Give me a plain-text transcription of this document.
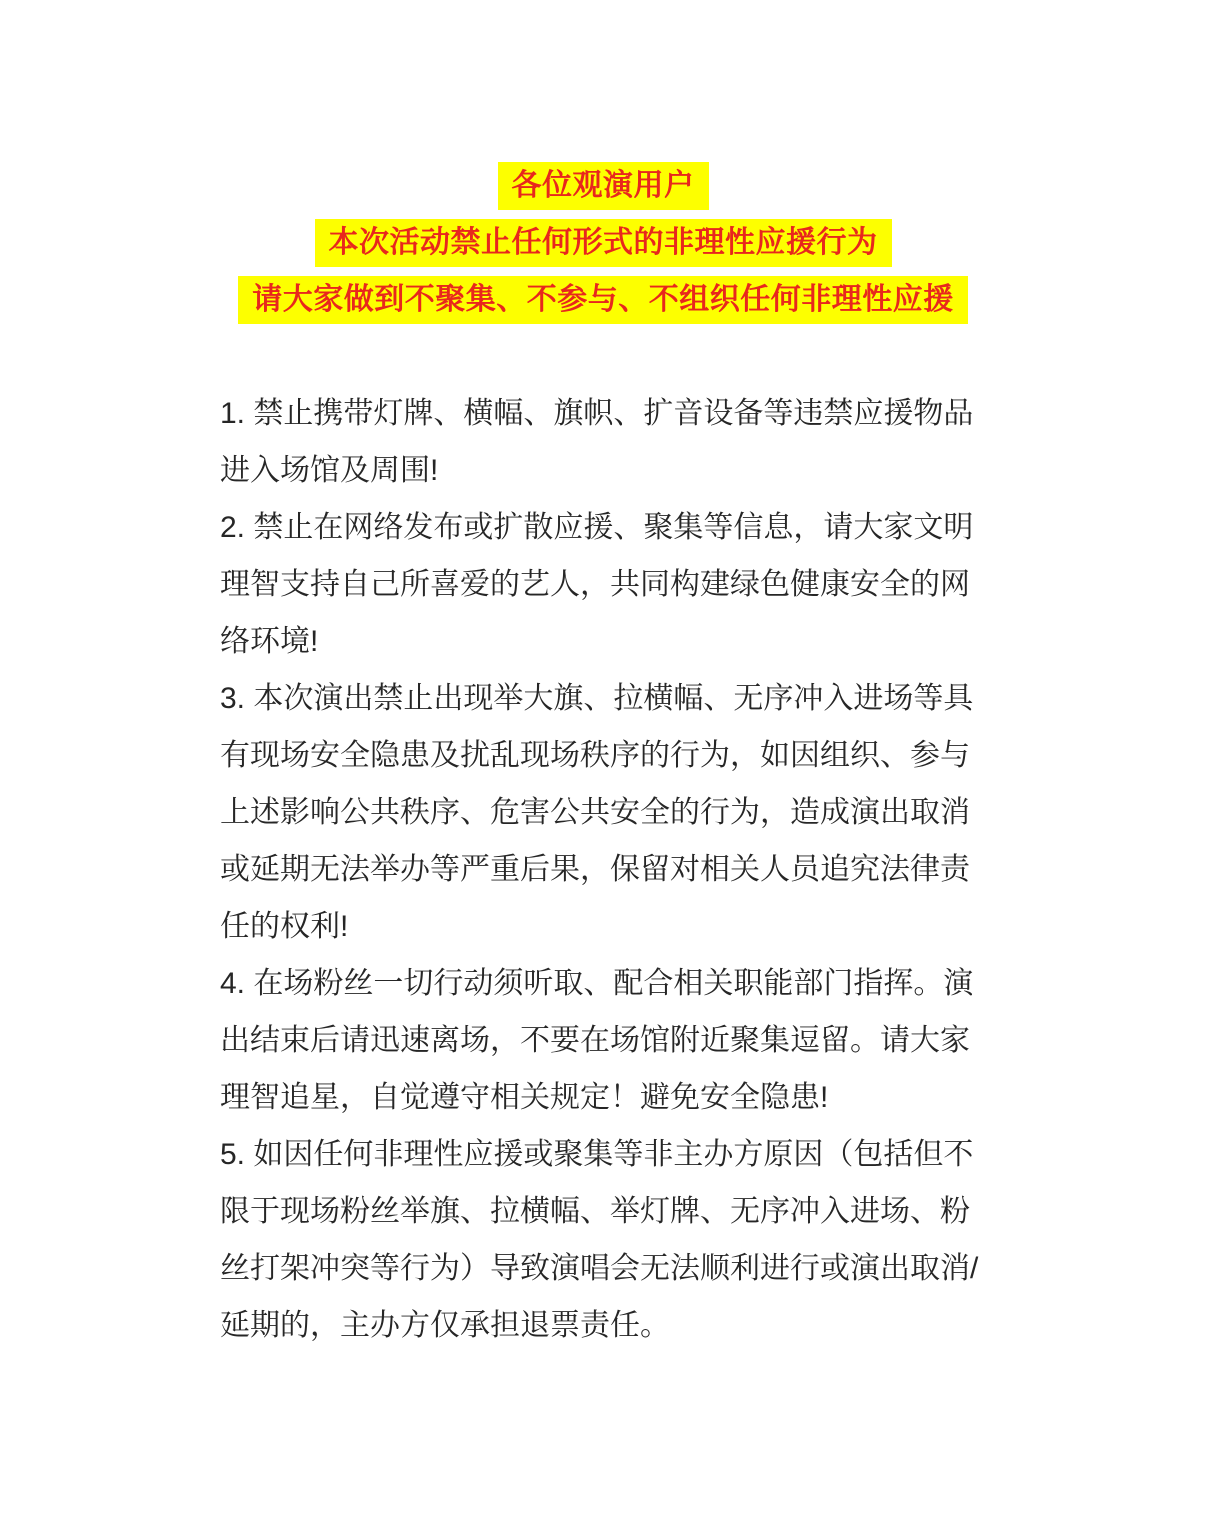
各位观演用户
本次活动禁止任何形式的非理性应援行为
请大家做到不聚集、不参与、不组织任何非理性应援
1. 禁止携带灯牌、横幅、旗帜、扩音设备等违禁应援物品
进入场馆及周围!
2. 禁止在网络发布或扩散应援、聚集等信息，请大家文明
理智支持自己所喜爱的艺人，共同构建绿色健康安全的网
络环境!
3. 本次演出禁止出现举大旗、拉横幅、无序冲入进场等具
有现场安全隐患及扰乱现场秩序的行为，如因组织、参与
上述影响公共秩序、危害公共安全的行为，造成演出取消
或延期无法举办等严重后果，保留对相关人员追究法律责
任的权利!
4. 在场粉丝一切行动须听取、配合相关职能部门指挥。演
出结束后请迅速离场，不要在场馆附近聚集逗留。请大家
理智追星，自觉遵守相关规定！避免安全隐患!
5. 如因任何非理性应援或聚集等非主办方原因（包括但不
限于现场粉丝举旗、拉横幅、举灯牌、无序冲入进场、粉
丝打架冲突等行为）导致演唱会无法顺利进行或演出取消/
延期的，主办方仅承担退票责任。
